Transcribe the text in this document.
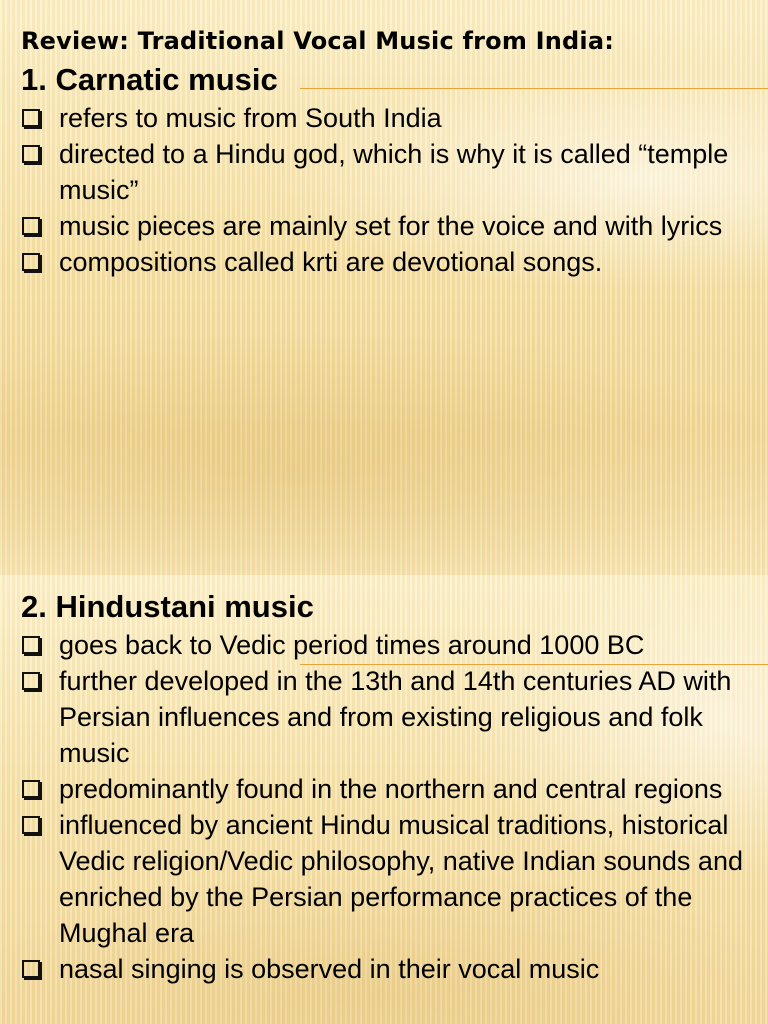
Review: Traditional Vocal Music from India:
1. Carnatic music
refers to music from South India
directed to a Hindu god, which is why it is called “temple music”
music pieces are mainly set for the voice and with lyrics
compositions called krti are devotional songs.
2. Hindustani music
goes back to Vedic period times around 1000 BC
further developed in the 13th and 14th centuries AD with Persian influences and from existing religious and folk music
predominantly found in the northern and central regions
influenced by ancient Hindu musical traditions, historical Vedic religion/Vedic philosophy, native Indian sounds and enriched by the Persian performance practices of the Mughal era
nasal singing is observed in their vocal music
